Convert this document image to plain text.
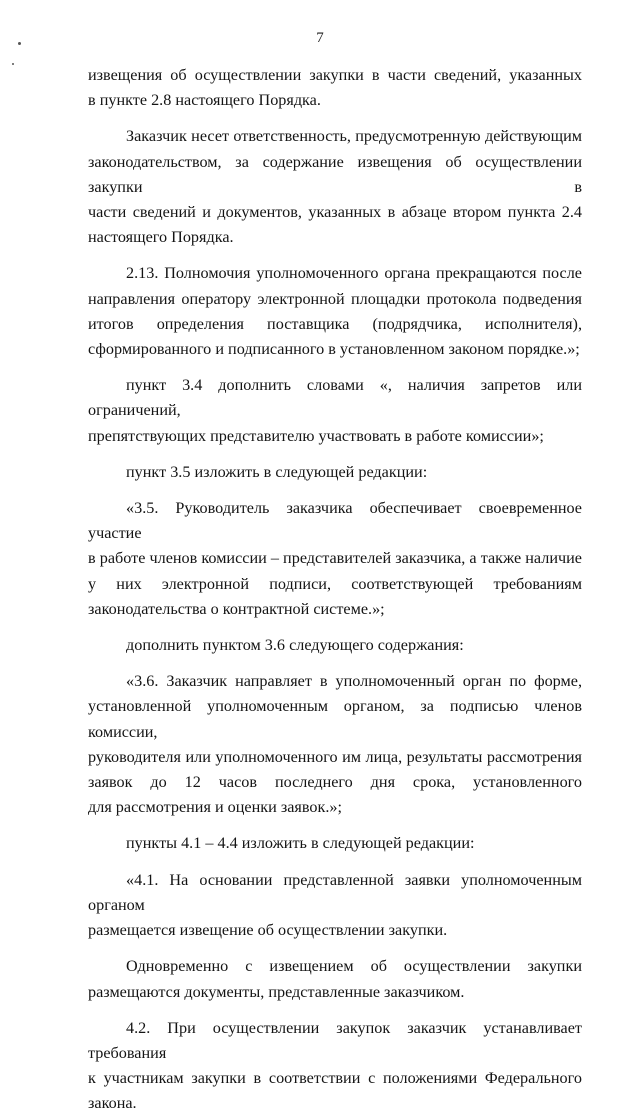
7

извещения об осуществлении закупки в части сведений, указанных

в пункте 2.8 настоящего Порядка.

Заказчик несет ответственность, предусмотренную действующим

законодательством, за содержание извещения об осуществлении закупки в

части сведений и документов, указанных в абзаце втором пункта 2.4

настоящего Порядка.

2.13. Полномочия уполномоченного органа прекращаются после

направления оператору электронной площадки протокола подведения

итогов определения поставщика (подрядчика, исполнителя),

сформированного и подписанного в установленном законом порядке.»;

пункт 3.4 дополнить словами «, наличия запретов или ограничений,

препятствующих представителю участвовать в работе комиссии»;

пункт 3.5 изложить в следующей редакции:

«3.5. Руководитель заказчика обеспечивает своевременное участие

в работе членов комиссии – представителей заказчика, а также наличие

у них электронной подписи, соответствующей требованиям

законодательства о контрактной системе.»;

дополнить пунктом 3.6 следующего содержания:

«3.6. Заказчик направляет в уполномоченный орган по форме,

установленной уполномоченным органом, за подписью членов комиссии,

руководителя или уполномоченного им лица, результаты рассмотрения

заявок до 12 часов последнего дня срока, установленного

для рассмотрения и оценки заявок.»;

пункты 4.1 – 4.4 изложить в следующей редакции:

«4.1. На основании представленной заявки уполномоченным органом

размещается извещение об осуществлении закупки.

Одновременно с извещением об осуществлении закупки

размещаются документы, представленные заказчиком.

4.2. При осуществлении закупок заказчик устанавливает требования

к участникам закупки в соответствии с положениями Федерального закона.
